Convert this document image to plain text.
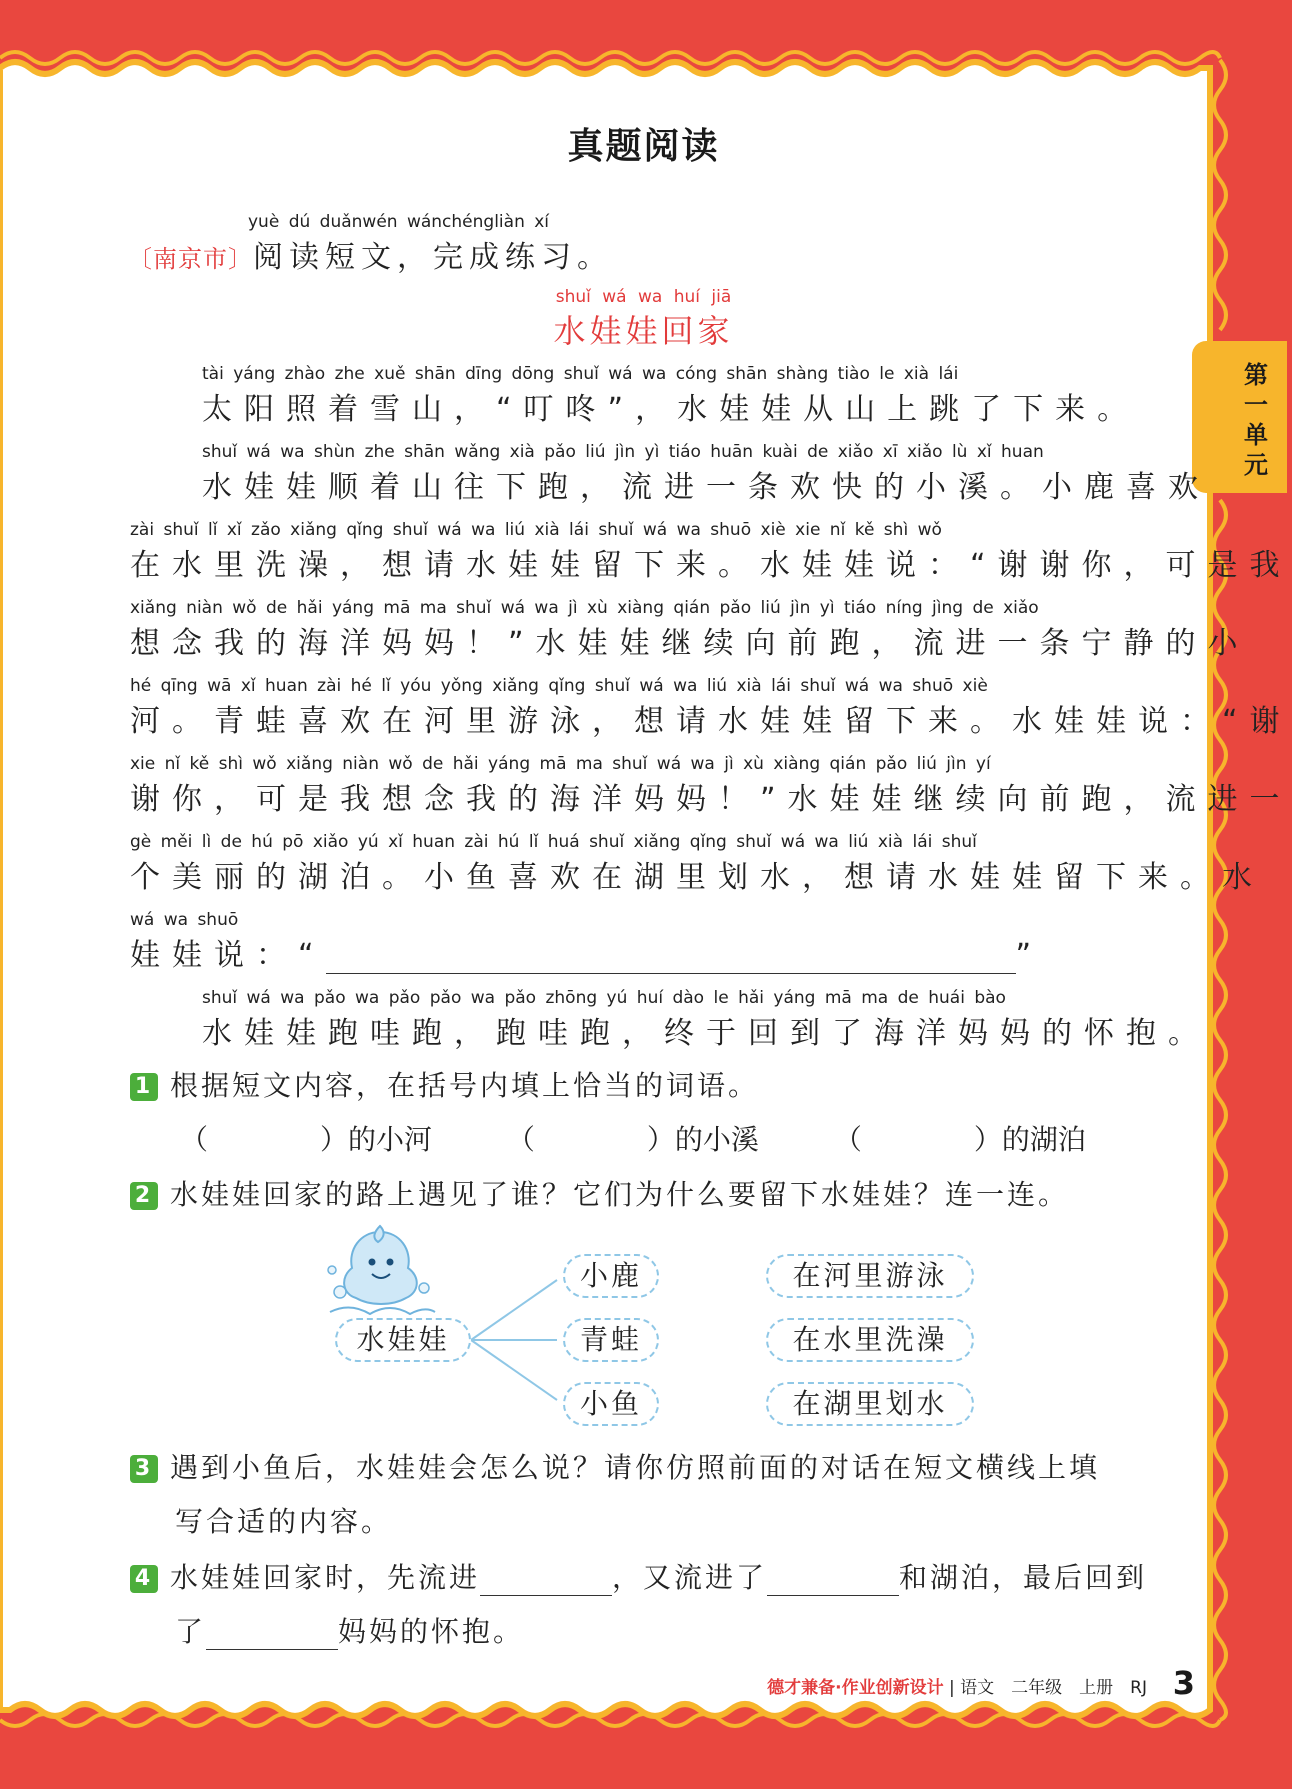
第一单元
真题阅读
yuè dú duǎnwén wánchéngliàn xí
〔南京市〕阅读短文，完成练习。
shuǐ wá wa huí jiā
水娃娃回家
tài yáng zhào zhe xuě shān dīng dōng shuǐ wá wa cóng shān shàng tiào le xià lái
太阳照着雪山，“叮咚”，水娃娃从山上跳了下来。
shuǐ wá wa shùn zhe shān wǎng xià pǎo liú jìn yì tiáo huān kuài de xiǎo xī xiǎo lù xǐ huan
水娃娃顺着山往下跑，流进一条欢快的小溪。小鹿喜欢
zài shuǐ lǐ xǐ zǎo xiǎng qǐng shuǐ wá wa liú xià lái shuǐ wá wa shuō xiè xie nǐ kě shì wǒ
在水里洗澡，想请水娃娃留下来。水娃娃说：“谢谢你，可是我
xiǎng niàn wǒ de hǎi yáng mā ma shuǐ wá wa jì xù xiàng qián pǎo liú jìn yì tiáo níng jìng de xiǎo
想念我的海洋妈妈！”水娃娃继续向前跑，流进一条宁静的小
hé qīng wā xǐ huan zài hé lǐ yóu yǒng xiǎng qǐng shuǐ wá wa liú xià lái shuǐ wá wa shuō xiè
河。青蛙喜欢在河里游泳，想请水娃娃留下来。水娃娃说：“谢
xie nǐ kě shì wǒ xiǎng niàn wǒ de hǎi yáng mā ma shuǐ wá wa jì xù xiàng qián pǎo liú jìn yí
谢你，可是我想念我的海洋妈妈！”水娃娃继续向前跑，流进一
gè měi lì de hú pō xiǎo yú xǐ huan zài hú lǐ huá shuǐ xiǎng qǐng shuǐ wá wa liú xià lái shuǐ
个美丽的湖泊。小鱼喜欢在湖里划水，想请水娃娃留下来。水
wá wa shuō
娃娃说：“	”
shuǐ wá wa pǎo wa pǎo pǎo wa pǎo zhōng yú huí dào le hǎi yáng mā ma de huái bào
水娃娃跑哇跑，跑哇跑，终于回到了海洋妈妈的怀抱。
1 根据短文内容，在括号内填上恰当的词语。
（　　　　）的小河	（　　　　）的小溪	（　　　　）的湖泊
2 水娃娃回家的路上遇见了谁？它们为什么要留下水娃娃？连一连。
水娃娃
小鹿
青蛙
小鱼
在河里游泳
在水里洗澡
在湖里划水
3 遇到小鱼后，水娃娃会怎么说？请你仿照前面的对话在短文横线上填
写合适的内容。
4 水娃娃回家时，先流进	，又流进了	和湖泊，最后回到
了	妈妈的怀抱。
德才兼备·作业创新设计 | 语文　二年级　上册　RJ 3
